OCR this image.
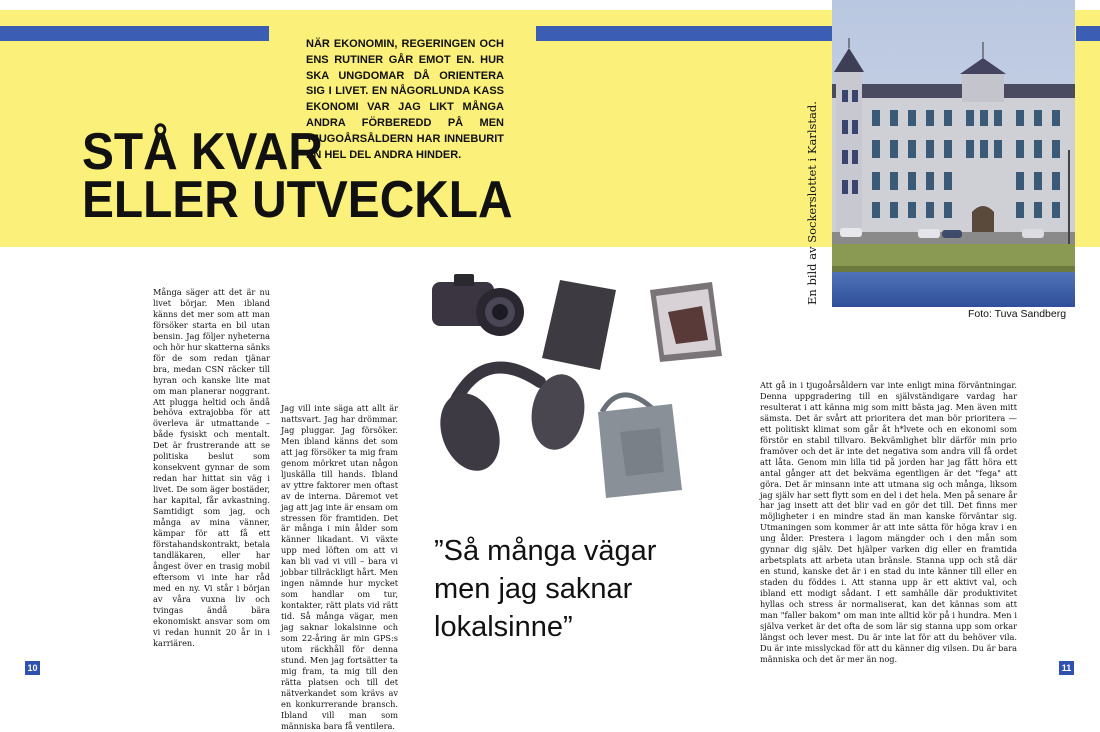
STÅ KVAR
ELLER UTVECKLA
NÄR EKONOMIN, REGERINGEN OCH ENS RUTINER GÅR EMOT EN. HUR SKA UNGDOMAR DÅ ORIENTERA SIG I LIVET. EN NÅGORLUNDA KASS EKONOMI VAR JAG LIKT MÅNGA ANDRA FÖRBEREDD PÅ MEN TJUGOÅRSÅLDERN HAR INNEBURIT EN HEL DEL ANDRA HINDER.	En bild av Sockerslottet i Karlstad.
Foto: Tuva Sandberg
Många säger att det är nu livet börjar. Men ibland känns det mer som att man försöker starta en bil utan bensin. Jag följer nyheterna och hör hur skatterna sänks för de som redan tjänar bra, medan CSN räcker till hyran och kanske lite mat om man planerar noggrant. Att plugga heltid och ändå behöva extrajobba för att överleva är utmattande – både fysiskt och mentalt. Det är frustrerande att se politiska beslut som konsekvent gynnar de som redan har hittat sin väg i livet. De som äger bostäder, har kapital, får avkastning. Samtidigt som jag, och många av mina vänner, kämpar för att få ett förstahandskontrakt, betala tandläkaren, eller har ångest över en trasig mobil eftersom vi inte har råd med en ny. Vi står i början av våra vuxna liv och tvingas ändå bära ekonomiskt ansvar som om vi redan hunnit 20 år in i karriären.
Jag vill inte säga att allt är nattsvart. Jag har drömmar. Jag pluggar. Jag försöker. Men ibland känns det som att jag försöker ta mig fram genom mörkret utan någon ljuskälla till hands. Ibland av yttre faktorer men oftast av de interna. Däremot vet jag att jag inte är ensam om stressen för framtiden. Det är många i min ålder som känner likadant. Vi växte upp med löften om att vi kan bli vad vi vill – bara vi jobbar tillräckligt hårt. Men ingen nämnde hur mycket som handlar om tur, kontakter, rätt plats vid rätt tid. Så många vägar, men jag saknar lokalsinne och som 22-åring är min GPS:s utom räckhåll för denna stund. Men jag fortsätter ta mig fram, ta mig till den rätta platsen och till det nätverkandet som krävs av en konkurrerande bransch. Ibland vill man som människa bara få ventilera.
Att gå in i tjugoårsåldern var inte enligt mina förväntningar. Denna uppgradering till en självständigare vardag har resulterat i att känna mig som mitt bästa jag. Men även mitt sämsta. Det är svårt att prioritera det man bör prioritera — ett politiskt klimat som går åt h*lvete och en ekonomi som förstör en stabil tillvaro. Bekvämlighet blir därför min prio framöver och det är inte det negativa som andra vill få ordet att låta. Genom min lilla tid på jorden har jag fått höra ett antal gånger att det bekväma egentligen är det "fega" att göra. Det är minsann inte att utmana sig och många, liksom jag själv har sett flytt som en del i det hela. Men på senare år har jag insett att det blir vad en gör det till. Det finns mer möjligheter i en mindre stad än man kanske förväntar sig. Utmaningen som kommer är att inte sätta för höga krav i en ung ålder. Prestera i lagom mängder och i den mån som gynnar dig själv. Det hjälper varken dig eller en framtida arbetsplats att arbeta utan bränsle. Stanna upp och stå där en stund, kanske det är i en stad du inte känner till eller en staden du föddes i. Att stanna upp är ett aktivt val, och ibland ett modigt sådant. I ett samhälle där produktivitet hyllas och stress är normaliserat, kan det kännas som att man "faller bakom" om man inte alltid kör på i hundra. Men i själva verket är det ofta de som lär sig stanna upp som orkar längst och lever mest. Du är inte lat för att du behöver vila. Du är inte misslyckad för att du känner dig vilsen. Du är bara människa och det är mer än nog.
”Så många vägar
men jag saknar
lokalsinne”
10	11
